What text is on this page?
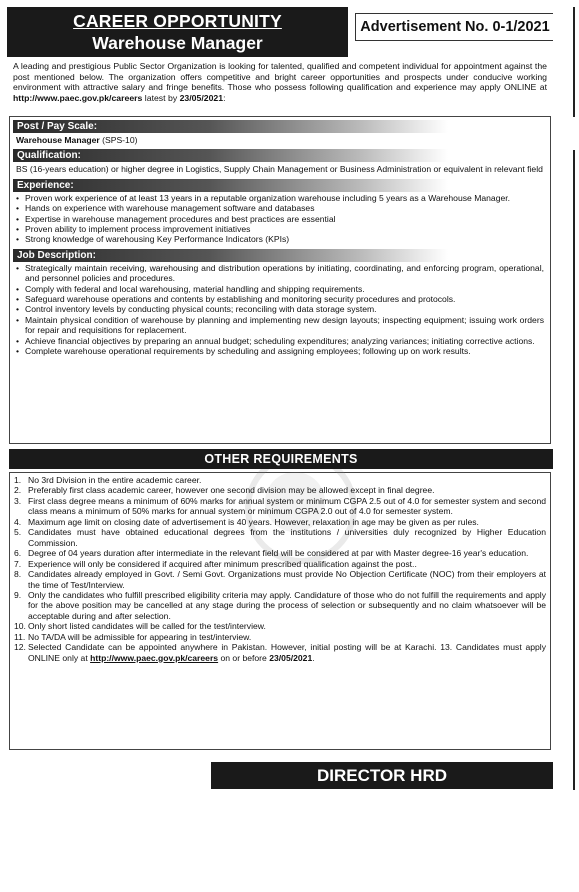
CAREER OPPORTUNITY
Warehouse Manager
Advertisement No. 0-1/2021
A leading and prestigious Public Sector Organization is looking for talented, qualified and competent individual for appointment against the post mentioned below. The organization offers competitive and bright career opportunities and prospects under conducive working environment with attractive salary and fringe benefits. Those who possess following qualification and experience may apply ONLINE at http://www.paec.gov.pk/careers latest by 23/05/2021:
Post / Pay Scale:
Warehouse Manager (SPS-10)
Qualification:
BS (16-years education) or higher degree in Logistics, Supply Chain Management or Business Administration or equivalent in relevant field
Experience:
• Proven work experience of at least 13 years in a reputable organization warehouse including 5 years as a Warehouse Manager.
• Hands on experience with warehouse management software and databases
• Expertise in warehouse management procedures and best practices are essential
• Proven ability to implement process improvement initiatives
• Strong knowledge of warehousing Key Performance Indicators (KPIs)
Job Description:
• Strategically maintain receiving, warehousing and distribution operations by initiating, coordinating, and enforcing program, operational, and personnel policies and procedures.
• Comply with federal and local warehousing, material handling and shipping requirements.
• Safeguard warehouse operations and contents by establishing and monitoring security procedures and protocols.
• Control inventory levels by conducting physical counts; reconciling with data storage system.
• Maintain physical condition of warehouse by planning and implementing new design layouts; inspecting equipment; issuing work orders for repair and requisitions for replacement.
• Achieve financial objectives by preparing an annual budget; scheduling expenditures; analyzing variances; initiating corrective actions.
• Complete warehouse operational requirements by scheduling and assigning employees; following up on work results.
OTHER REQUIREMENTS
1. No 3rd Division in the entire academic career.
2. Preferably first class academic career, however one second division may be allowed except in final degree.
3. First class degree means a minimum of 60% marks for annual system or minimum CGPA 2.5 out of 4.0 for semester system and second class means a minimum of 50% marks for annual system or minimum CGPA 2.0 out of 4.0 for semester system.
4. Maximum age limit on closing date of advertisement is 40 years. However, relaxation in age may be given as per rules.
5. Candidates must have obtained educational degrees from the institutions / universities duly recognized by Higher Education Commission.
6. Degree of 04 years duration after intermediate in the relevant field will be considered at par with Master degree-16 year's education.
7. Experience will only be considered if acquired after minimum prescribed qualification against the post..
8. Candidates already employed in Govt. / Semi Govt. Organizations must provide No Objection Certificate (NOC) from their employers at the time of Test/Interview.
9. Only the candidates who fulfill prescribed eligibility criteria may apply. Candidature of those who do not fulfill the requirements and apply for the above position may be cancelled at any stage during the process of selection or subsequently and no claim whatsoever will be acceptable during and after selection.
10. Only short listed candidates will be called for the test/interview.
11. No TA/DA will be admissible for appearing in test/interview.
12. Selected Candidate can be appointed anywhere in Pakistan. However, initial posting will be at Karachi. 13. Candidates must apply ONLINE only at http://www.paec.gov.pk/careers on or before 23/05/2021.
DIRECTOR HRD
